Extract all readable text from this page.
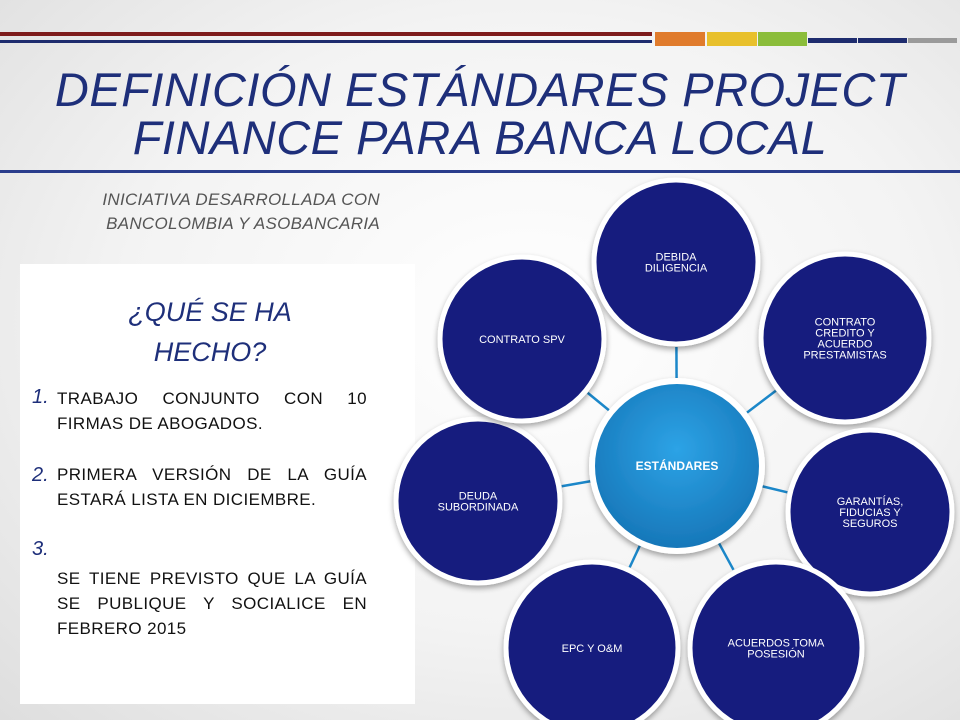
DEFINICIÓN ESTÁNDARES PROJECT
FINANCE PARA BANCA LOCAL
INICIATIVA DESARROLLADA CON
BANCOLOMBIA Y ASOBANCARIA
¿QUÉ SE HA
HECHO?
1. TRABAJO CONJUNTO CON 10 FIRMAS DE ABOGADOS.
2. PRIMERA VERSIÓN DE LA GUÍA ESTARÁ LISTA EN DICIEMBRE.
3.
SE TIENE PREVISTO QUE LA GUÍA SE PUBLIQUE Y SOCIALICE EN FEBRERO 2015
DEBIDA
DILIGENCIA
CONTRATO
CREDITO Y
ACUERDO
PRESTAMISTAS
GARANTÍAS,
FIDUCIAS Y
SEGUROS
ACUERDOS TOMA
POSESIÓN
EPC Y O&M
DEUDA
SUBORDINADA
CONTRATO SPV
ESTÁNDARES
